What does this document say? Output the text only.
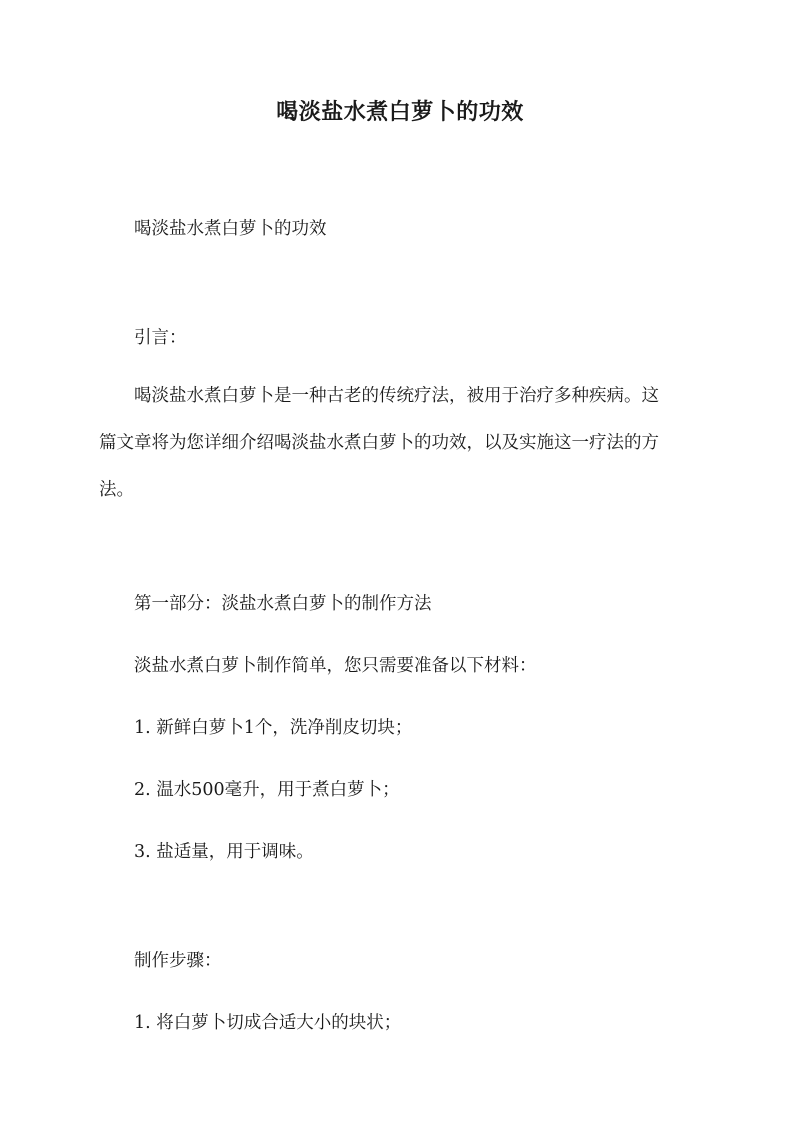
喝淡盐水煮白萝卜的功效
喝淡盐水煮白萝卜的功效
引言：
喝淡盐水煮白萝卜是一种古老的传统疗法，被用于治疗多种疾病。这
篇文章将为您详细介绍喝淡盐水煮白萝卜的功效，以及实施这一疗法的方
法。
第一部分：淡盐水煮白萝卜的制作方法
淡盐水煮白萝卜制作简单，您只需要准备以下材料：
1. 新鲜白萝卜1个，洗净削皮切块；
2. 温水500毫升，用于煮白萝卜；
3. 盐适量，用于调味。
制作步骤：
1. 将白萝卜切成合适大小的块状；
